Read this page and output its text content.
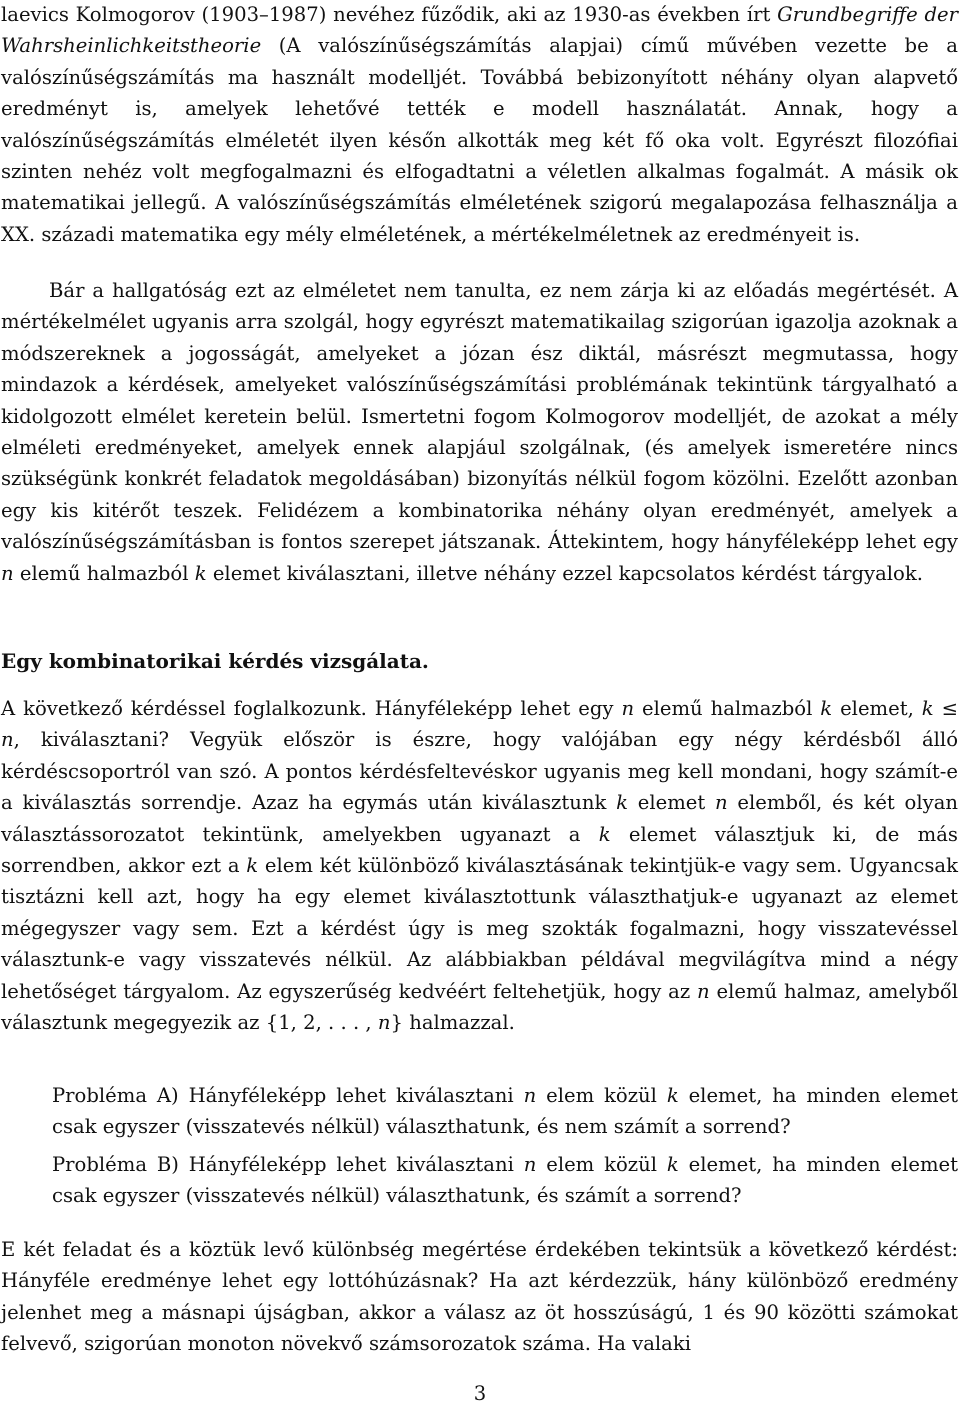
laevics Kolmogorov (1903–1987) nevéhez fűződik, aki az 1930-as években írt Grundbegriffe der Wahrsheinlichkeitstheorie (A valószínűségszámítás alapjai) című művében vezette be a valószínűségszámítás ma használt modelljét. Továbbá bebizonyított néhány olyan alapvető eredményt is, amelyek lehetővé tették e modell használatát. Annak, hogy a valószínűségszámítás elméletét ilyen későn alkották meg két fő oka volt. Egyrészt filozófiai szinten nehéz volt megfogalmazni és elfogadtatni a véletlen alkalmas fogalmát. A másik ok matematikai jellegű. A valószínűségszámítás elméletének szigorú megalapozása felhasználja a XX. századi matematika egy mély elméletének, a mértékelméletnek az eredményeit is.

Bár a hallgatóság ezt az elméletet nem tanulta, ez nem zárja ki az előadás megértését. A mértékelmélet ugyanis arra szolgál, hogy egyrészt matematikailag szigorúan igazolja azoknak a módszereknek a jogosságát, amelyeket a józan ész diktál, másrészt megmutassa, hogy mindazok a kérdések, amelyeket valószínűségszámítási problémának tekintünk tárgyalható a kidolgozott elmélet keretein belül. Ismertetni fogom Kolmogorov modelljét, de azokat a mély elméleti eredményeket, amelyek ennek alapjául szolgálnak, (és amelyek ismeretére nincs szükségünk konkrét feladatok megoldásában) bizonyítás nélkül fogom közölni. Ezelőtt azonban egy kis kitérőt teszek. Felidézem a kombinatorika néhány olyan eredményét, amelyek a valószínűségszámításban is fontos szerepet játszanak. Áttekintem, hogy hányféleképp lehet egy n elemű halmazból k elemet kiválasztani, illetve néhány ezzel kapcsolatos kérdést tárgyalok.

Egy kombinatorikai kérdés vizsgálata.

A következő kérdéssel foglalkozunk. Hányféleképp lehet egy n elemű halmazból k elemet, k ≤ n, kiválasztani? Vegyük először is észre, hogy valójában egy négy kérdésből álló kérdéscsoportról van szó. A pontos kérdésfeltevéskor ugyanis meg kell mondani, hogy számít-e a kiválasztás sorrendje. Azaz ha egymás után kiválasztunk k elemet n elemből, és két olyan választássorozatot tekintünk, amelyekben ugyanazt a k elemet választjuk ki, de más sorrendben, akkor ezt a k elem két különböző kiválasztásának tekintjük-e vagy sem. Ugyancsak tisztázni kell azt, hogy ha egy elemet kiválasztottunk választhatjuk-e ugyanazt az elemet mégegyszer vagy sem. Ezt a kérdést úgy is meg szokták fogalmazni, hogy visszatevéssel választunk-e vagy visszatevés nélkül. Az alábbiakban példával megvilágítva mind a négy lehetőséget tárgyalom. Az egyszerűség kedvéért feltehetjük, hogy az n elemű halmaz, amelyből választunk megegyezik az {1, 2, . . . , n} halmazzal.

Probléma A) Hányféleképp lehet kiválasztani n elem közül k elemet, ha minden elemet csak egyszer (visszatevés nélkül) választhatunk, és nem számít a sorrend?

Probléma B) Hányféleképp lehet kiválasztani n elem közül k elemet, ha minden elemet csak egyszer (visszatevés nélkül) választhatunk, és számít a sorrend?

E két feladat és a köztük levő különbség megértése érdekében tekintsük a következő kérdést: Hányféle eredménye lehet egy lottóhúzásnak? Ha azt kérdezzük, hány különböző eredmény jelenhet meg a másnapi újságban, akkor a válasz az öt hosszúságú, 1 és 90 közötti számokat felvevő, szigorúan monoton növekvő számsorozatok száma. Ha valaki

3
